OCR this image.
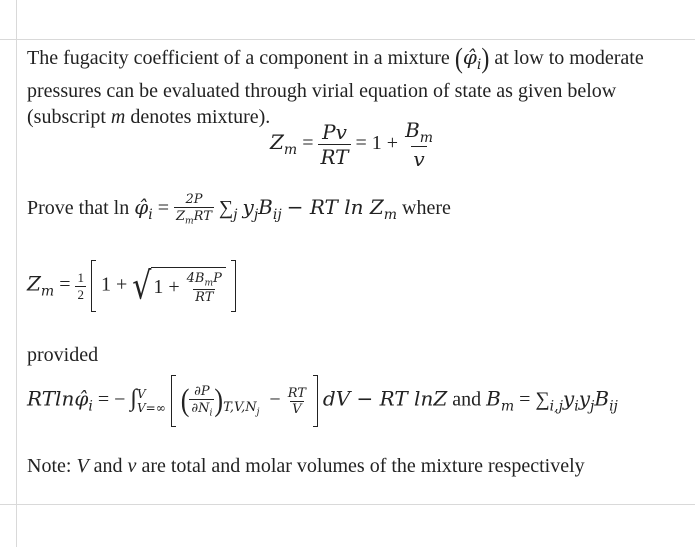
The fugacity coefficient of a component in a mixture $(\varphî_i)$ at low to moderate
pressures can be evaluated through virial equation of state as given below
(subscript m denotes mixture).
$Z_m = \frac{Pv}{RT} = 1 + \frac{B_m}{v}$
Prove that $\ln \varphî_i = \frac{2P}{Z_mRT} \sum_j$ $y_jB_{ij}$ − RT $\ln Z_m$ where
$Z_m = \frac{1}{2} 1$ + √ 1 +
$\frac{4B_mP}{RT}$

provided
$RTln\varphî_i$ = − ∫ V
V=∞ ( $\frac{\partial P}{\partial N_i} )_{T,V,N_j} - \frac{RT}{V}$ dV − RT lnZ and $B_m = \sum_{i,j}y_iy_jB_{ij}$
Note: V and v are total and molar volumes of the mixture respectively
